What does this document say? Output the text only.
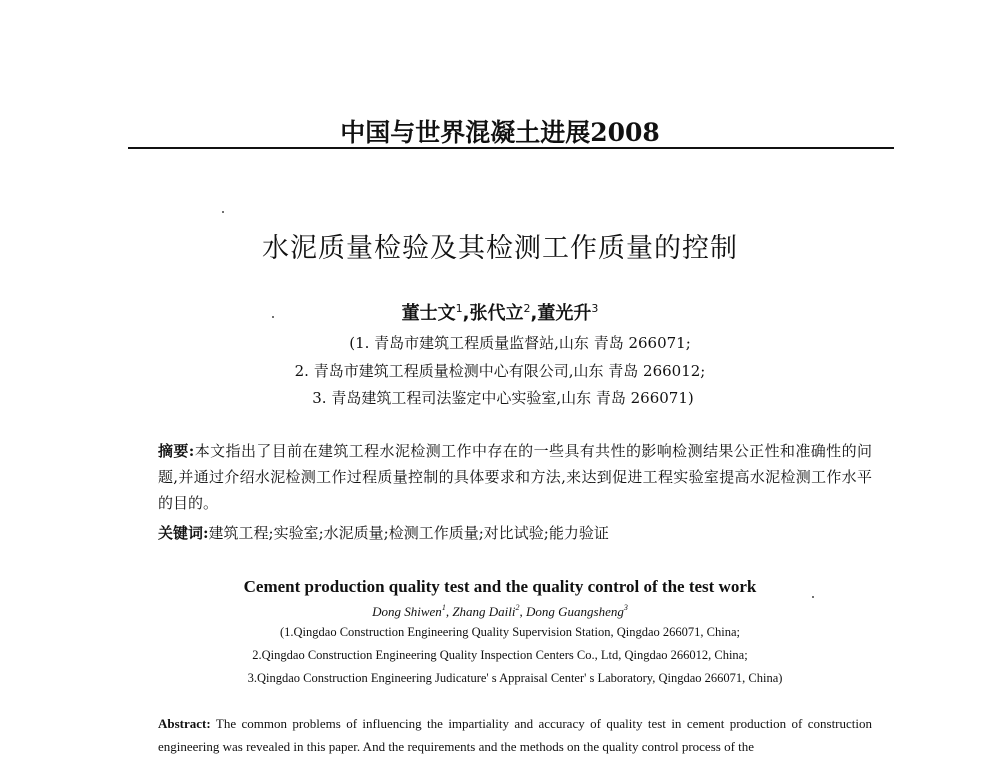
中国与世界混凝土进展2008
水泥质量检验及其检测工作质量的控制
董士文$^1$,张代立$^2$,董光升$^3$
(1. 青岛市建筑工程质量监督站,山东 青岛 266071;
2. 青岛市建筑工程质量检测中心有限公司,山东 青岛 266012;
3. 青岛建筑工程司法鉴定中心实验室,山东 青岛 266071)
摘要:本文指出了目前在建筑工程水泥检测工作中存在的一些具有共性的影响检测结果公正性和准确性的问题,并通过介绍水泥检测工作过程质量控制的具体要求和方法,来达到促进工程实验室提高水泥检测工作水平的目的。
关键词:建筑工程;实验室;水泥质量;检测工作质量;对比试验;能力验证
Cement production quality test and the quality control of the test work
Dong Shiwen$^1$, Zhang Daili$^2$, Dong Guangsheng$^3$
(1.Qingdao Construction Engineering Quality Supervision Station, Qingdao 266071, China;
2.Qingdao Construction Engineering Quality Inspection Centers Co., Ltd, Qingdao 266012, China;
3.Qingdao Construction Engineering Judicature' s Appraisal Center' s Laboratory, Qingdao 266071, China)
Abstract: The common problems of influencing the impartiality and accuracy of quality test in cement production of construction engineering was revealed in this paper. And the requirements and the methods on the quality control process of the
